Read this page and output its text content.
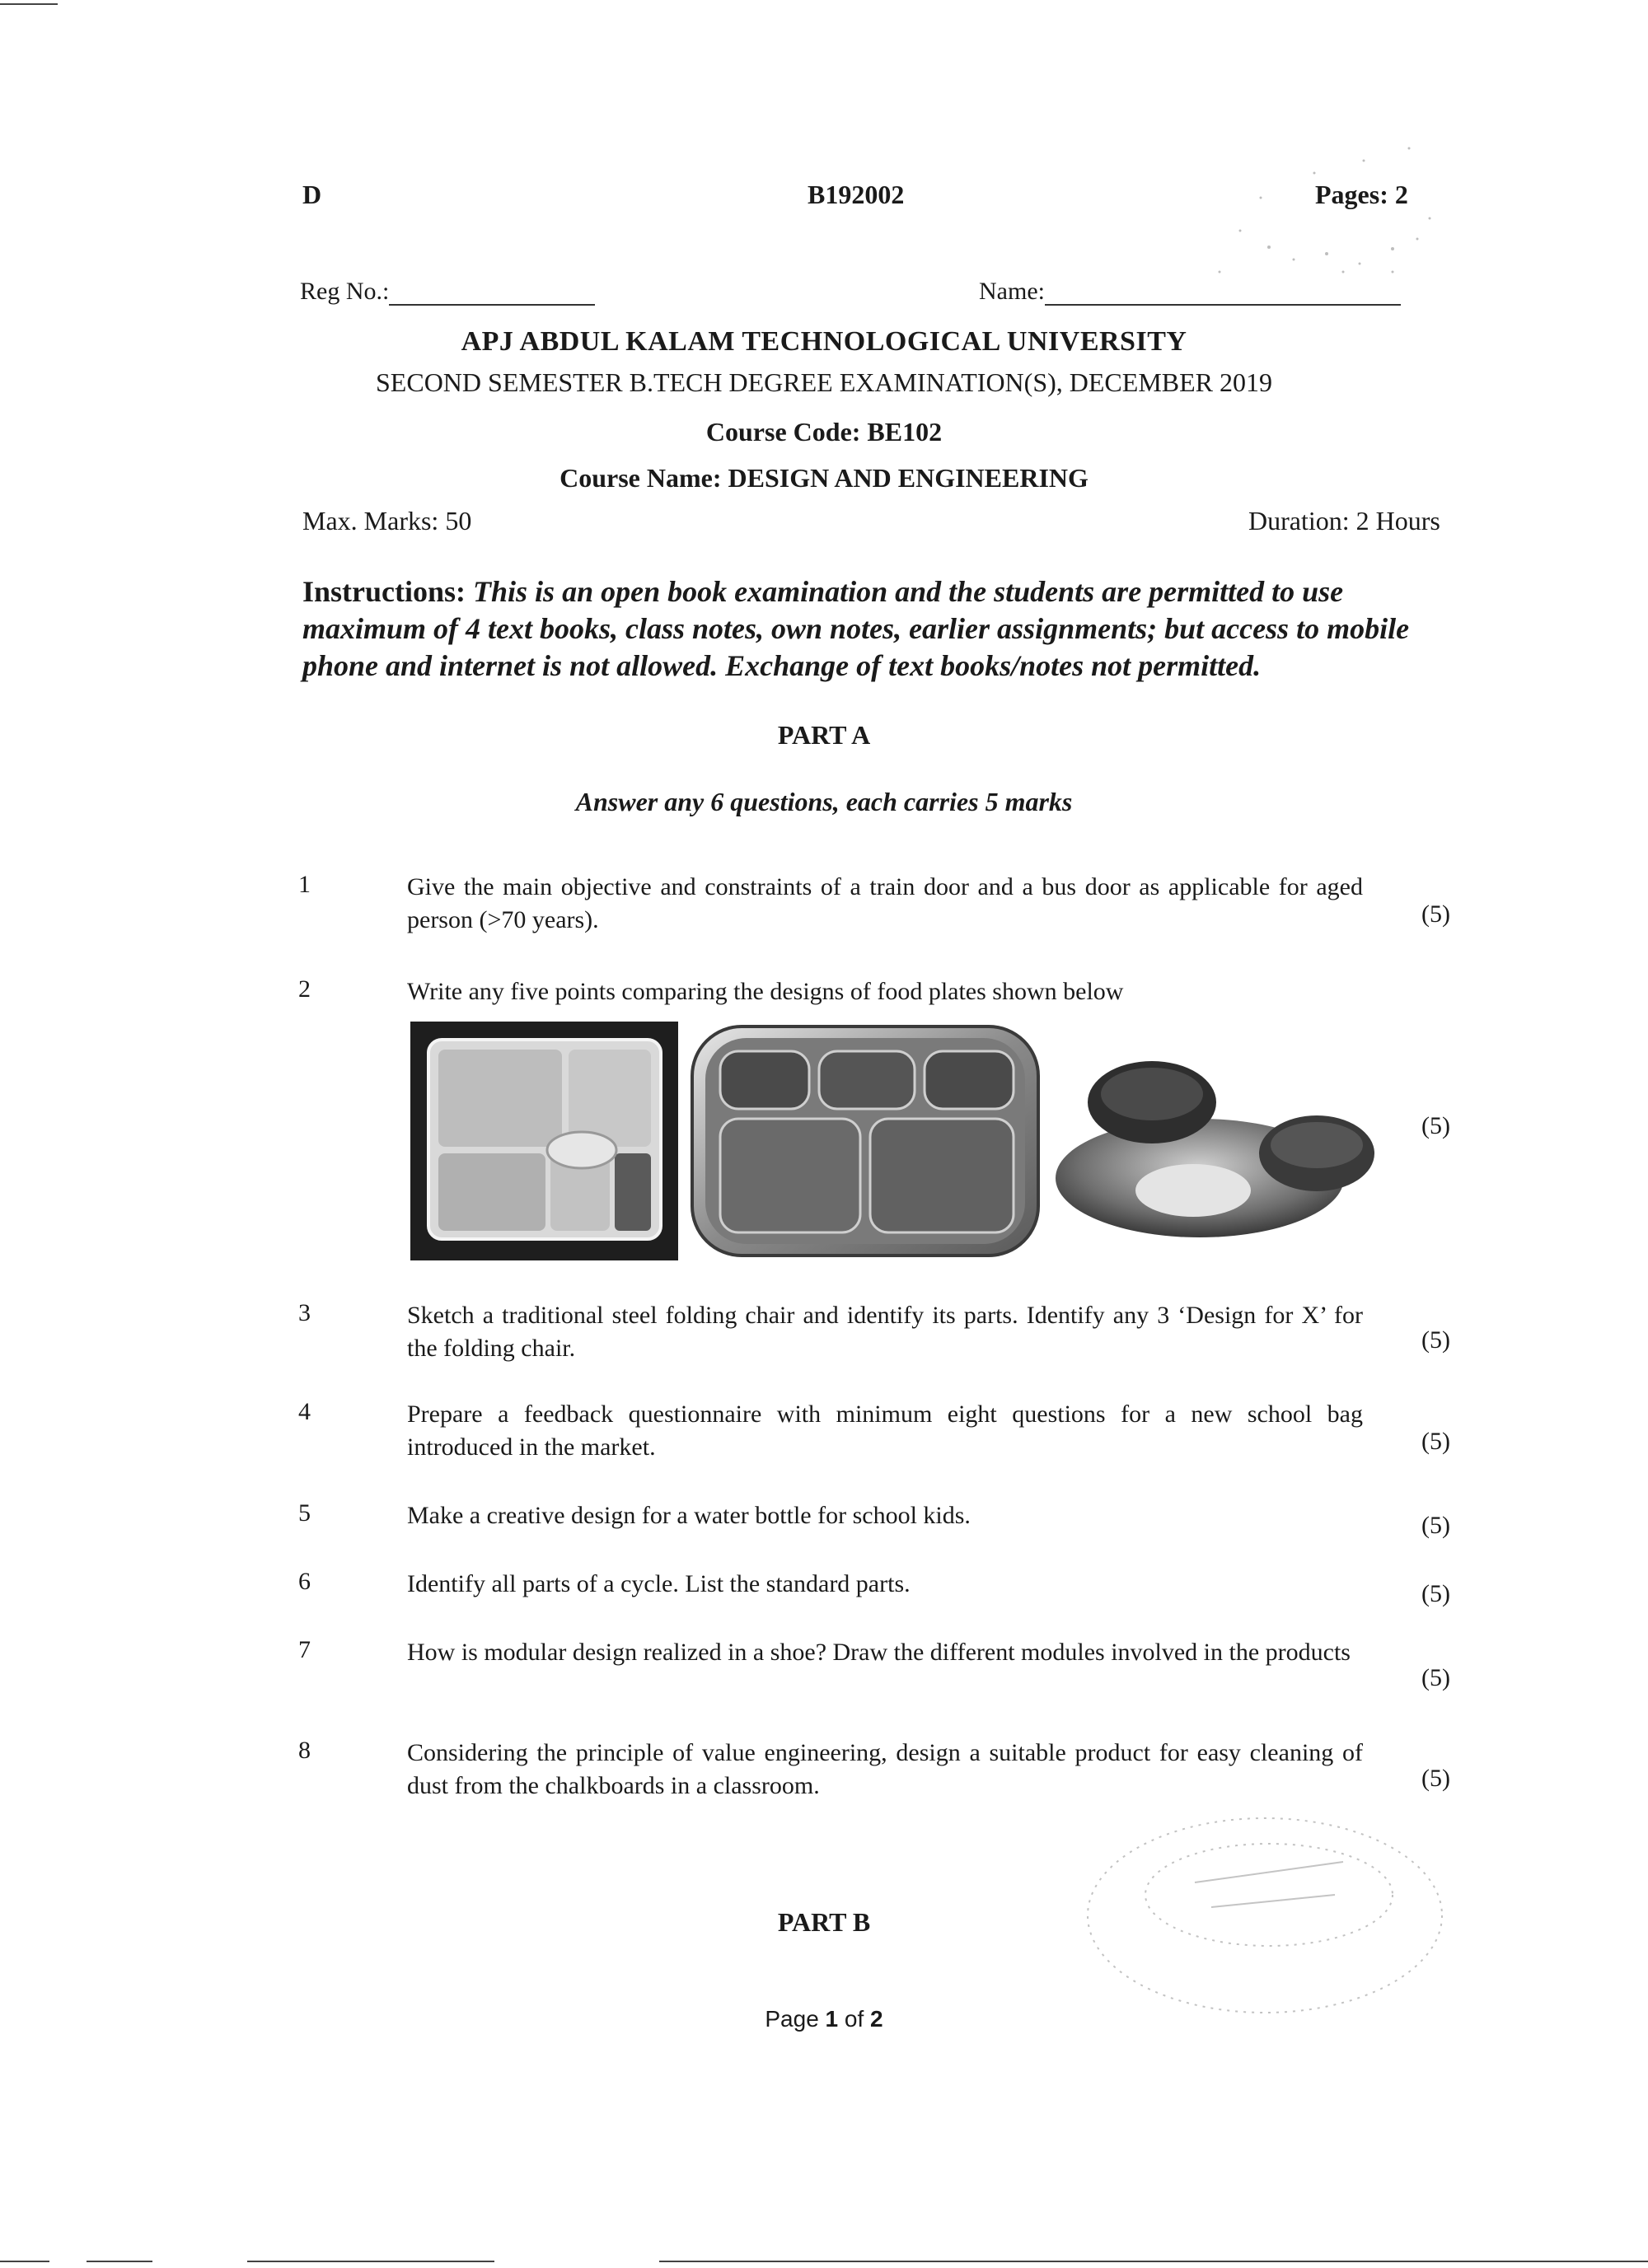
D	B192002	Pages: 2
Reg No.:	Name:
APJ ABDUL KALAM TECHNOLOGICAL UNIVERSITY
SECOND SEMESTER B.TECH DEGREE EXAMINATION(S), DECEMBER 2019
Course Code: BE102
Course Name: DESIGN AND ENGINEERING
Max. Marks: 50	Duration: 2 Hours
Instructions: This is an open book examination and the students are permitted to use maximum of 4 text books, class notes, own notes, earlier assignments; but access to mobile phone and internet is not allowed. Exchange of text books/notes not permitted.
PART A
Answer any 6 questions, each carries 5 marks
1	Give the main objective and constraints of a train door and a bus door as applicable for aged person (>70 years).	(5)
2	Write any five points comparing the designs of food plates shown below
(5)
3	Sketch a traditional steel folding chair and identify its parts. Identify any 3 ‘Design for X’ for the folding chair.	(5)
4	Prepare a feedback questionnaire with minimum eight questions for a new school bag introduced in the market.	(5)
5	Make a creative design for a water bottle for school kids.	(5)
6	Identify all parts of a cycle. List the standard parts.	(5)
7	How is modular design realized in a shoe? Draw the different modules involved in the products
(5)
8	Considering the principle of value engineering, design a suitable product for easy cleaning of dust from the chalkboards in a classroom.	(5)
PART B
Page 1 of 2
